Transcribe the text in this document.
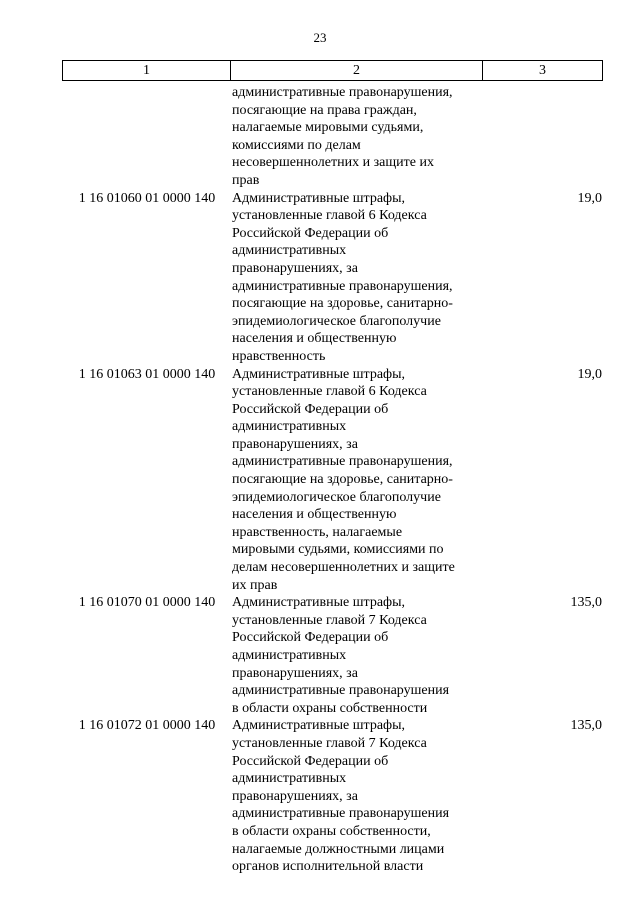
23
1	2	3
административные правонарушения,
посягающие на права граждан,
налагаемые мировыми судьями,
комиссиями по делам
несовершеннолетних и защите их
прав
1 16 01060 01 0000 140	Административные штрафы,
установленные главой 6 Кодекса
Российской Федерации об
административных
правонарушениях, за
административные правонарушения,
посягающие на здоровье, санитарно-
эпидемиологическое благополучие
населения и общественную
нравственность
19,0
1 16 01063 01 0000 140	Административные штрафы,
установленные главой 6 Кодекса
Российской Федерации об
административных
правонарушениях, за
административные правонарушения,
посягающие на здоровье, санитарно-
эпидемиологическое благополучие
населения и общественную
нравственность, налагаемые
мировыми судьями, комиссиями по
делам несовершеннолетних и защите
их прав
19,0
1 16 01070 01 0000 140	Административные штрафы,
установленные главой 7 Кодекса
Российской Федерации об
административных
правонарушениях, за
административные правонарушения
в области охраны собственности
135,0
1 16 01072 01 0000 140	Административные штрафы,
установленные главой 7 Кодекса
Российской Федерации об
административных
правонарушениях, за
административные правонарушения
в области охраны собственности,
налагаемые должностными лицами
органов исполнительной власти
135,0
